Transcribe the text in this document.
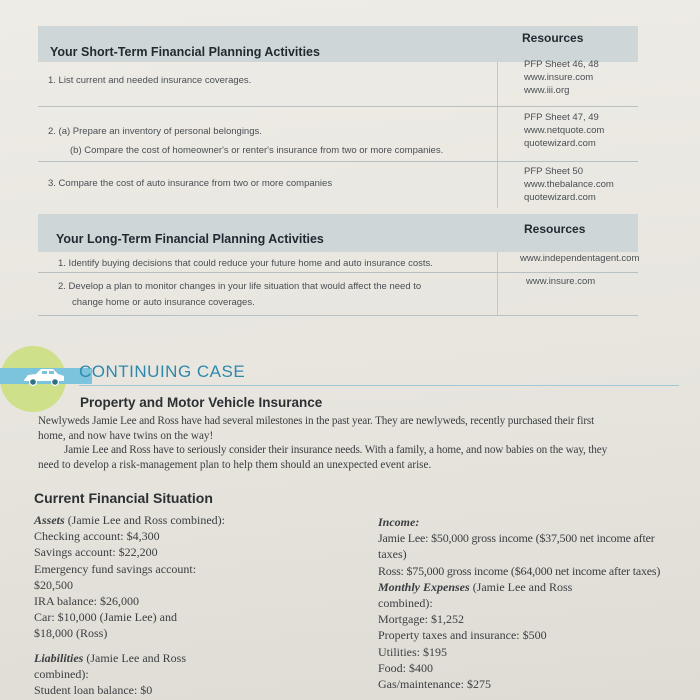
Your Short-Term Financial Planning Activities
Resources
1. List current and needed insurance coverages.
PFP Sheet 46, 48
www.insure.com
www.iii.org
2. (a) Prepare an inventory of personal belongings.
(b) Compare the cost of homeowner's or renter's insurance from two or more companies.
PFP Sheet 47, 49
www.netquote.com
quotewizard.com
3. Compare the cost of auto insurance from two or more companies
PFP Sheet 50
www.thebalance.com
quotewizard.com
Your Long-Term Financial Planning Activities
Resources
1. Identify buying decisions that could reduce your future home and auto insurance costs.	www.independentagent.com
2. Develop a plan to monitor changes in your life situation that would affect the need to
change home or auto insurance coverages.
www.insure.com
CONTINUING CASE
Property and Motor Vehicle Insurance
Newlyweds Jamie Lee and Ross have had several milestones in the past year. They are newlyweds, recently purchased their first
home, and now have twins on the way!
Jamie Lee and Ross have to seriously consider their insurance needs. With a family, a home, and now babies on the way, they
need to develop a risk-management plan to help them should an unexpected event arise.
Current Financial Situation
Assets (Jamie Lee and Ross combined):
Checking account: $4,300
Savings account: $22,200
Emergency fund savings account:
$20,500
IRA balance: $26,000
Car: $10,000 (Jamie Lee) and
$18,000 (Ross)
Liabilities (Jamie Lee and Ross
combined):
Student loan balance: $0
Income:
Jamie Lee: $50,000 gross income ($37,500 net income after
taxes)
Ross: $75,000 gross income ($64,000 net income after taxes)
Monthly Expenses (Jamie Lee and Ross
combined):
Mortgage: $1,252
Property taxes and insurance: $500
Utilities: $195
Food: $400
Gas/maintenance: $275
